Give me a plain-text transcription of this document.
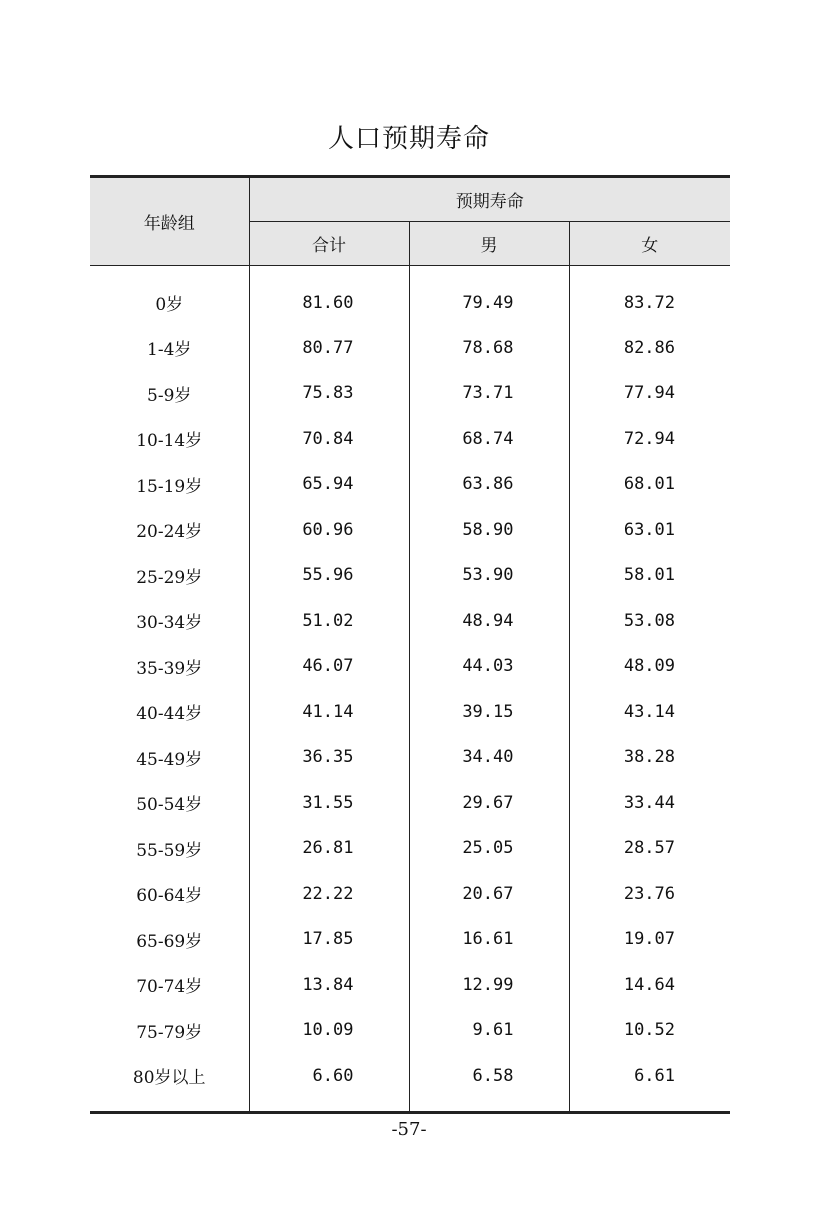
人口预期寿命
年龄组	预期寿命		
	合计	男	女
0岁	81.60	79.49	83.72
1-4岁	80.77	78.68	82.86
5-9岁	75.83	73.71	77.94
10-14岁	70.84	68.74	72.94
15-19岁	65.94	63.86	68.01
20-24岁	60.96	58.90	63.01
25-29岁	55.96	53.90	58.01
30-34岁	51.02	48.94	53.08
35-39岁	46.07	44.03	48.09
40-44岁	41.14	39.15	43.14
45-49岁	36.35	34.40	38.28
50-54岁	31.55	29.67	33.44
55-59岁	26.81	25.05	28.57
60-64岁	22.22	20.67	23.76
65-69岁	17.85	16.61	19.07
70-74岁	13.84	12.99	14.64
75-79岁	10.09	9.61	10.52
80岁以上	6.60	6.58	6.61
-57-
